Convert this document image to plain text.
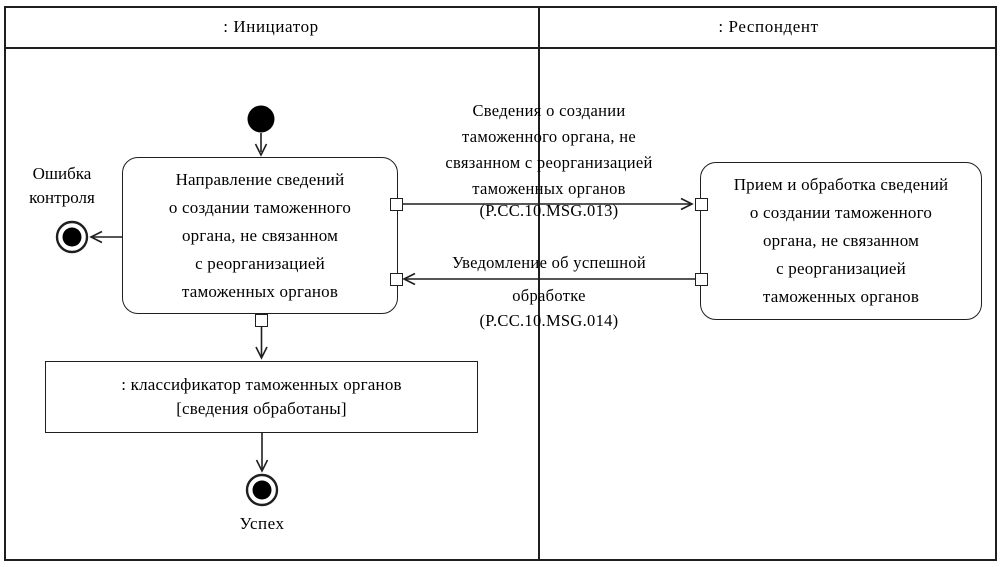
: Инициатор	: Респондент
Направление сведений
о создании таможенного
органа, не связанном
с реорганизацией
таможенных органов
Прием и обработка сведений
о создании таможенного
органа, не связанном
с реорганизацией
таможенных органов
: классификатор таможенных органов
[сведения обработаны]
Сведения о создании
таможенного органа, не
связанном с реорганизацией
таможенных органов
(P.CC.10.MSG.013)
Уведомление об успешной
обработке
(P.CC.10.MSG.014)
Ошибка
контроля
Успех
